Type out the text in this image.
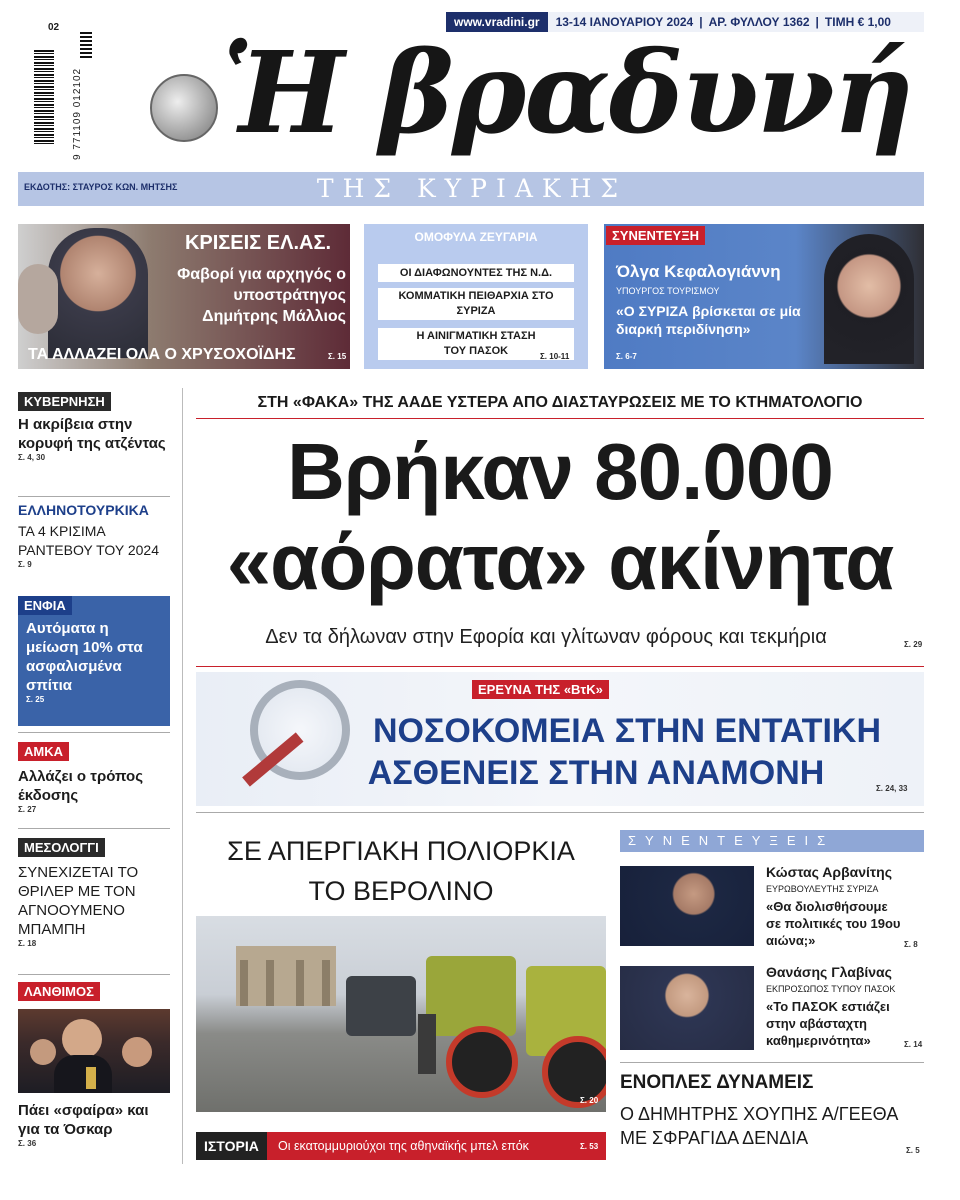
www.vradini.gr	13-14 ΙΑΝΟΥΑΡΙΟΥ 2024 | ΑΡ. ΦΥΛΛΟΥ 1362 | ΤΙΜΗ € 1,00
02
9 771109 012102 Ἡ βραδυνή
ΕΚΔΟΤΗΣ: ΣΤΑΥΡΟΣ ΚΩΝ. ΜΗΤΣΗΣ	ΤΗΣ ΚΥΡΙΑΚΗΣ
ΚΡΙΣΕΙΣ ΕΛ.ΑΣ.
Φαβορί για αρχηγός ο υποστράτηγος Δημήτρης Μάλλιος
ΤΑ ΑΛΛΑΖΕΙ ΟΛΑ Ο ΧΡΥΣΟΧΟΪΔΗΣ	Σ. 15
ΟΜΟΦΥΛΑ ΖΕΥΓΑΡΙΑ
ΟΙ ΔΙΑΦΩΝΟΥΝΤΕΣ ΤΗΣ Ν.Δ.
ΚΟΜΜΑΤΙΚΗ ΠΕΙΘΑΡΧΙΑ ΣΤΟ ΣΥΡΙΖΑ
Η ΑΙΝΙΓΜΑΤΙΚΗ ΣΤΑΣΗ ΤΟΥ ΠΑΣΟΚ	Σ. 10-11
ΣΥΝΕΝΤΕΥΞΗ
Όλγα Κεφαλογιάννη
ΥΠΟΥΡΓΟΣ ΤΟΥΡΙΣΜΟΥ
«Ο ΣΥΡΙΖΑ βρίσκεται σε μία διαρκή περιδίνηση»
Σ. 6-7
ΚΥΒΕΡΝΗΣΗ
Η ακρίβεια στην κορυφή της ατζέντας
Σ. 4, 30
ΕΛΛΗΝΟΤΟΥΡΚΙΚΑ
ΤΑ 4 ΚΡΙΣΙΜΑ ΡΑΝΤΕΒΟΥ ΤΟΥ 2024
Σ. 9
ΕΝΦΙΑ
Αυτόματα η μείωση 10% στα ασφαλισμένα σπίτια
Σ. 25
ΑΜΚΑ
Αλλάζει ο τρόπος έκδοσης
Σ. 27
ΜΕΣΟΛΟΓΓΙ
ΣΥΝΕΧΙΖΕΤΑΙ ΤΟ ΘΡΙΛΕΡ ΜΕ ΤΟΝ ΑΓΝΟΟΥΜΕΝΟ ΜΠΑΜΠΗ
Σ. 18
ΛΑΝΘΙΜΟΣ
Πάει «σφαίρα» και για τα Όσκαρ
Σ. 36
ΣΤΗ «ΦΑΚΑ» ΤΗΣ ΑΑΔΕ ΥΣΤΕΡΑ ΑΠΟ ΔΙΑΣΤΑΥΡΩΣΕΙΣ ΜΕ ΤΟ ΚΤΗΜΑΤΟΛΟΓΙΟ
Βρήκαν 80.000
«αόρατα» ακίνητα
Δεν τα δήλωναν στην Εφορία και γλίτωναν φόρους και τεκμήρια	Σ. 29
ΕΡΕΥΝΑ ΤΗΣ «ΒτΚ»
ΝΟΣΟΚΟΜΕΙΑ ΣΤΗΝ ΕΝΤΑΤΙΚΗ
ΑΣΘΕΝΕΙΣ ΣΤΗΝ ΑΝΑΜΟΝΗ	Σ. 24, 33
ΣΕ ΑΠΕΡΓΙΑΚΗ ΠΟΛΙΟΡΚΙΑ
ΤΟ ΒΕΡΟΛΙΝΟ
Σ. 20
ΙΣΤΟΡΙΑ	Οι εκατομμυριούχοι της αθηναϊκής μπελ επόκ	Σ. 53
ΣΥΝΕΝΤΕΥΞΕΙΣ
Κώστας Αρβανίτης
ΕΥΡΩΒΟΥΛΕΥΤΗΣ ΣΥΡΙΖΑ
«Θα διολισθήσουμε σε πολιτικές του 19ου αιώνα;»	Σ. 8
Θανάσης Γλαβίνας
ΕΚΠΡΟΣΩΠΟΣ ΤΥΠΟΥ ΠΑΣΟΚ
«Το ΠΑΣΟΚ εστιάζει στην αβάσταχτη καθημερινότητα»	Σ. 14
ΕΝΟΠΛΕΣ ΔΥΝΑΜΕΙΣ
Ο ΔΗΜΗΤΡΗΣ ΧΟΥΠΗΣ Α/ΓΕΕΘΑ ΜΕ ΣΦΡΑΓΙΔΑ ΔΕΝΔΙΑ
Σ. 5
